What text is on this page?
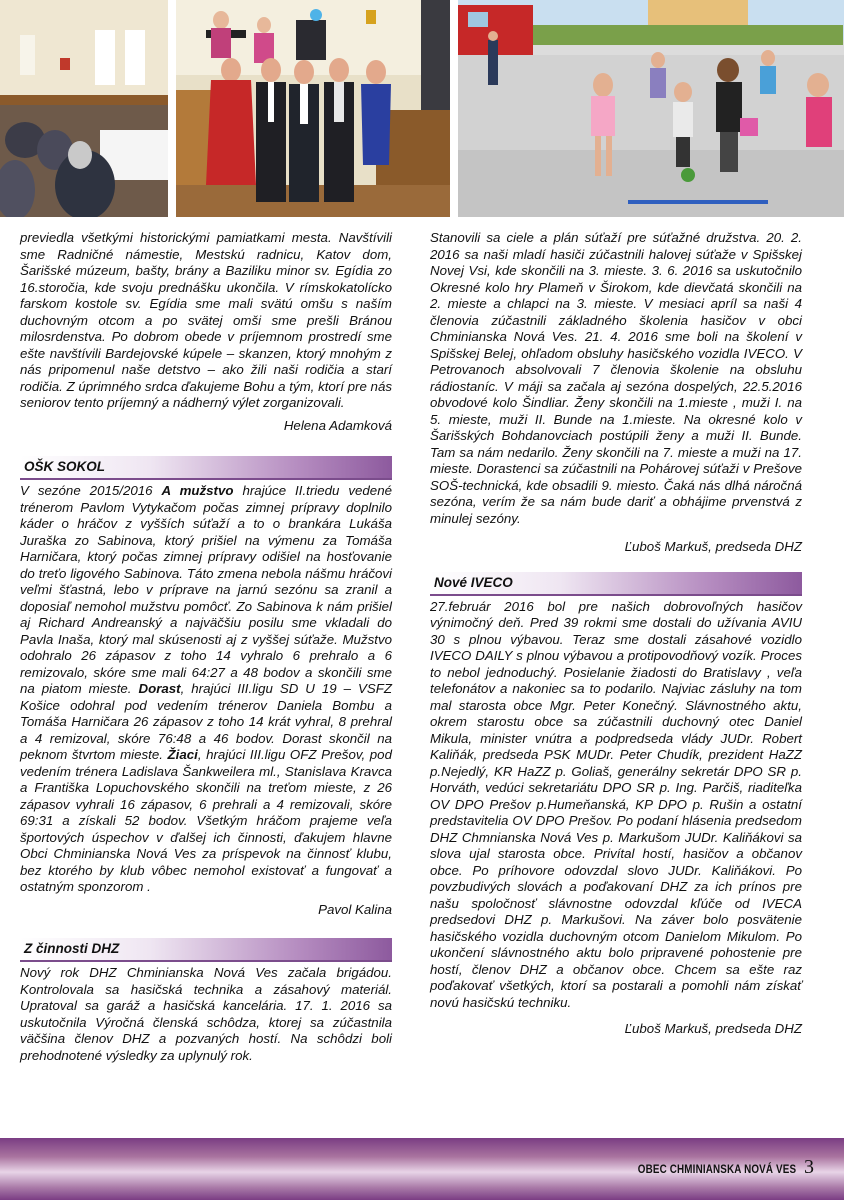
previedla všetkými historickými pamiatkami mesta. Navštívili sme Radničné námestie, Mestskú radnicu, Katov dom, Šarišské múzeum, bašty, brány a Baziliku minor sv. Egídia zo 16.storočia, kde svoju prednášku ukončila. V rímskokatolícko farskom kostole sv. Egídia sme mali svätú omšu s naším duchovným otcom a po svätej omši sme prešli Bránou milosrdenstva. Po dobrom obede v príjemnom prostredí sme ešte navštívili Bardejovské kúpele – skanzen, ktorý mnohým z nás pripomenul naše detstvo – ako žili naši rodičia a starí rodičia. Z úprimného srdca ďakujeme Bohu a tým, ktorí pre nás seniorov tento príjemný a nádherný výlet zorganizovali.

Helena Adamková

OŠK SOKOL

V sezóne 2015/2016 A mužstvo hrajúce II.triedu vedené trénerom Pavlom Vytykačom počas zimnej prípravy doplnilo káder o hráčov z vyšších súťaží a to o brankára Lukáša Juraška zo Sabinova, ktorý prišiel na výmenu za Tomáša Harničara, ktorý počas zimnej prípravy odišiel na hosťovanie do treťo ligového Sabinova. Táto zmena nebola nášmu hráčovi veľmi šťastná, lebo v príprave na jarnú sezónu sa zranil a doposiaľ nemohol mužstvu pomôcť. Zo Sabinova k nám prišiel aj Richard Andreanský a najväčšiu posilu sme vkladali do Pavla Inaša, ktorý mal skúsenosti aj z vyššej súťaže. Mužstvo odohralo 26 zápasov z toho 14 vyhralo 6 prehralo a 6 remizovalo, skóre sme mali 64:27 a 48 bodov a skončili sme na piatom mieste. Dorast, hrajúci III.ligu SD U 19 – VSFZ Košice odohral pod vedením trénerov Daniela Bombu a Tomáša Harničara 26 zápasov z toho 14 krát vyhral, 8 prehral a 4 remizoval, skóre 76:48 a 46 bodov. Dorast skončil na peknom štvrtom mieste. Žiaci, hrajúci III.ligu OFZ Prešov, pod vedením trénera Ladislava Šankweilera ml., Stanislava Kravca a Františka Lopuchovského skončili na treťom mieste, z 26 zápasov vyhrali 16 zápasov, 6 prehrali a 4 remizovali, skóre 69:31 a získali 52 bodov. Všetkým hráčom prajeme veľa športových úspechov v ďalšej ich činnosti, ďakujem hlavne Obci Chminianska Nová Ves za príspevok na činnosť klubu, bez ktorého by klub vôbec nemohol existovať a fungovať a ostatným sponzorom .

Pavol Kalina

Z činnosti DHZ

Nový rok DHZ Chminianska Nová Ves začala brigádou. Kontrolovala sa hasičská technika a zásahový materiál. Upratoval sa garáž a hasičská kancelária. 17. 1. 2016 sa uskutočnila Výročná členská schôdza, ktorej sa zúčastnila väčšina členov DHZ a pozvaných hostí. Na schôdzi boli prehodnotené výsledky za uplynulý rok.

Stanovili sa ciele a plán súťaží pre súťažné družstva. 20. 2. 2016 sa naši mladí hasiči zúčastnili halovej súťaže v Spišskej Novej Vsi, kde skončili na 3. mieste. 3. 6. 2016 sa uskutočnilo Okresné kolo hry Plameň v Širokom, kde dievčatá skončili na 2. mieste a chlapci na 3. mieste. V mesiaci apríl sa naši 4 členovia zúčastnili základného školenia hasičov v obci Chminianska Nová Ves. 21. 4. 2016 sme boli na školení v Spišskej Belej, ohľadom obsluhy hasičského vozidla IVECO. V Petrovanoch absolvovali 7 členovia školenie na obsluhu rádiostaníc. V máji sa začala aj sezóna dospelých, 22.5.2016 obvodové kolo Šindliar. Ženy skončili na 1.mieste , muži I. na 5. mieste, muži II. Bunde na 1.mieste. Na okresné kolo v Šarišských Bohdanovciach postúpili ženy a muži II. Bunde. Tam sa nám nedarilo. Ženy skončili na 7. mieste a muži na 17. mieste. Dorastenci sa zúčastnili na Pohárovej súťaži v Prešove SOŠ-technická, kde obsadili 9. miesto. Čaká nás dlhá náročná sezóna, verím že sa nám bude dariť a obhájime prvenstvá z minulej sezóny.

Ľuboš Markuš, predseda DHZ

Nové IVECO

27.február 2016 bol pre našich dobrovoľných hasičov výnimočný deň. Pred 39 rokmi sme dostali do užívania AVIU 30 s plnou výbavou. Teraz sme dostali zásahové vozidlo IVECO DAILY s plnou výbavou a protipovodňový vozík. Proces to nebol jednoduchý. Posielanie žiadosti do Bratislavy , veľa telefonátov a nakoniec sa to podarilo. Najviac zásluhy na tom mal starosta obce Mgr. Peter Konečný. Slávnostného aktu, okrem starostu obce sa zúčastnili duchovný otec Daniel Mikula, minister vnútra a podpredseda vlády JUDr. Robert Kaliňák, predseda PSK MUDr. Peter Chudík, prezident HaZZ p.Nejedlý, KR HaZZ p. Goliaš, generálny sekretár DPO SR p. Horváth, vedúci sekretariátu DPO SR p. Ing. Parčiš, riaditeľka OV DPO Prešov p.Humeňanská, KP DPO p. Rušin a ostatní predstavitelia OV DPO Prešov. Po podaní hlásenia predsedom DHZ Chmnianska Nová Ves p. Markušom JUDr. Kaliňákovi sa slova ujal starosta obce. Privítal hostí, hasičov a občanov obce. Po príhovore odovzdal slovo JUDr. Kaliňákovi. Po povzbudivých slovách a poďakovaní DHZ za ich prínos pre našu spoločnosť slávnostne odovzdal kľúče od IVECA predsedovi DHZ p. Markušovi. Na záver bolo posvätenie hasičského vozidla duchovným otcom Danielom Mikulom. Po ukončení slávnostného aktu bolo pripravené pohostenie pre hostí, členov DHZ a občanov obce. Chcem sa ešte raz poďakovať všetkých, ktorí sa postarali a pomohli nám získať novú hasičskú techniku.

Ľuboš Markuš, predseda DHZ

OBEC CHMINIANSKA NOVÁ VES 3
